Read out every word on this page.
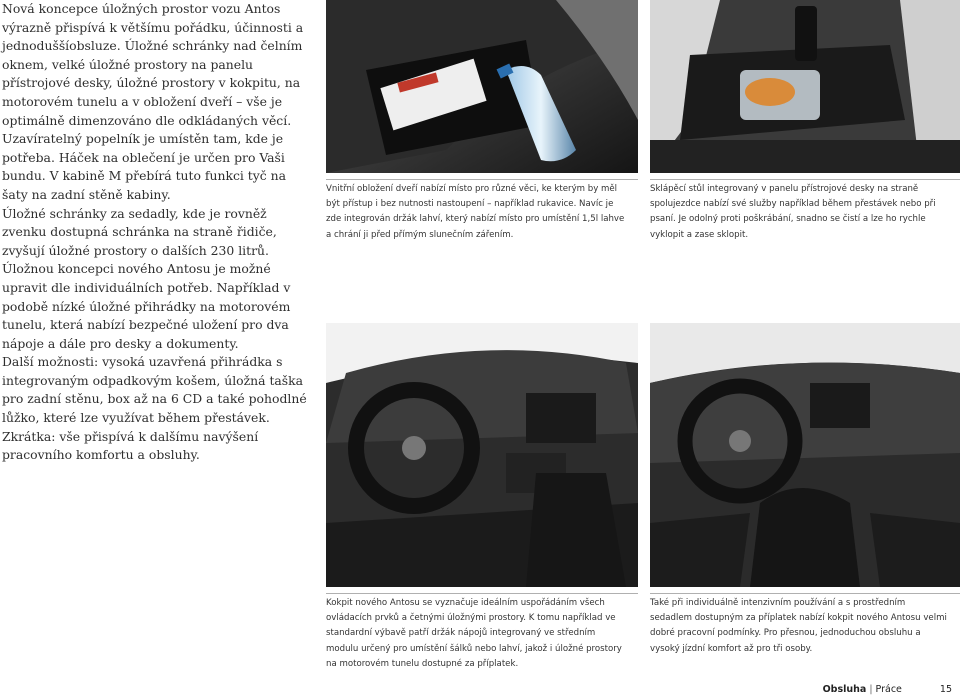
Nová koncepce úložných prostor vozu Antos výrazně přispívá k většímu pořádku, účinnosti a jednoduššíobsluze. Úložné schránky nad čelním oknem, velké úložné prostory na panelu přístrojové desky, úložné prostory v kokpitu, na motorovém tunelu a v obložení dveří – vše je optimálně dimenzováno dle odkládaných věcí.

Uzavíratelný popelník je umístěn tam, kde je potřeba. Háček na oblečení je určen pro Vaši bundu. V kabině M přebírá tuto funkci tyč na šaty na zadní stěně kabiny.

Úložné schránky za sedadly, kde je rovněž zvenku dostupná schránka na straně řidiče, zvyšují úložné prostory o dalších 230 litrů.

Úložnou koncepci nového Antosu je možné upravit dle individuálních potřeb. Například v podobě nízké úložné přihrádky na motorovém tunelu, která nabízí bezpečné uložení pro dva nápoje a dále pro desky a dokumenty.

Další možnosti: vysoká uzavřená přihrádka s integrovaným odpadkovým košem, úložná taška pro zadní stěnu, box až na 6 CD a také pohodlné lůžko, které lze využívat během přestávek. Zkrátka: vše přispívá k dalšímu navýšení pracovního komfortu a obsluhy.

Vnitřní obložení dveří nabízí místo pro různé věci, ke kterým by měl být přístup i bez nutnosti nastoupení – například rukavice. Navíc je zde integrován držák lahví, který nabízí místo pro umístění 1,5l lahve a chrání ji před přímým slunečním zářením.
Sklápěcí stůl integrovaný v panelu přístrojové desky na straně spolujezdce nabízí své služby například během přestávek nebo při psaní. Je odolný proti poškrábání, snadno se čistí a lze ho rychle vyklopit a zase sklopit.
Kokpit nového Antosu se vyznačuje ideálním uspořádáním všech ovládacích prvků a četnými úložnými prostory. K tomu například ve standardní výbavě patří držák nápojů integrovaný ve středním modulu určený pro umístění šálků nebo lahví, jakož i úložné prostory na motorovém tunelu dostupné za příplatek.
Také při individuálně intenzivním používání a s prostředním sedadlem dostupným za příplatek nabízí kokpit nového Antosu velmi dobré pracovní podmínky. Pro přesnou, jednoduchou obsluhu a vysoký jízdní komfort až pro tři osoby.
Obsluha | Práce	15
